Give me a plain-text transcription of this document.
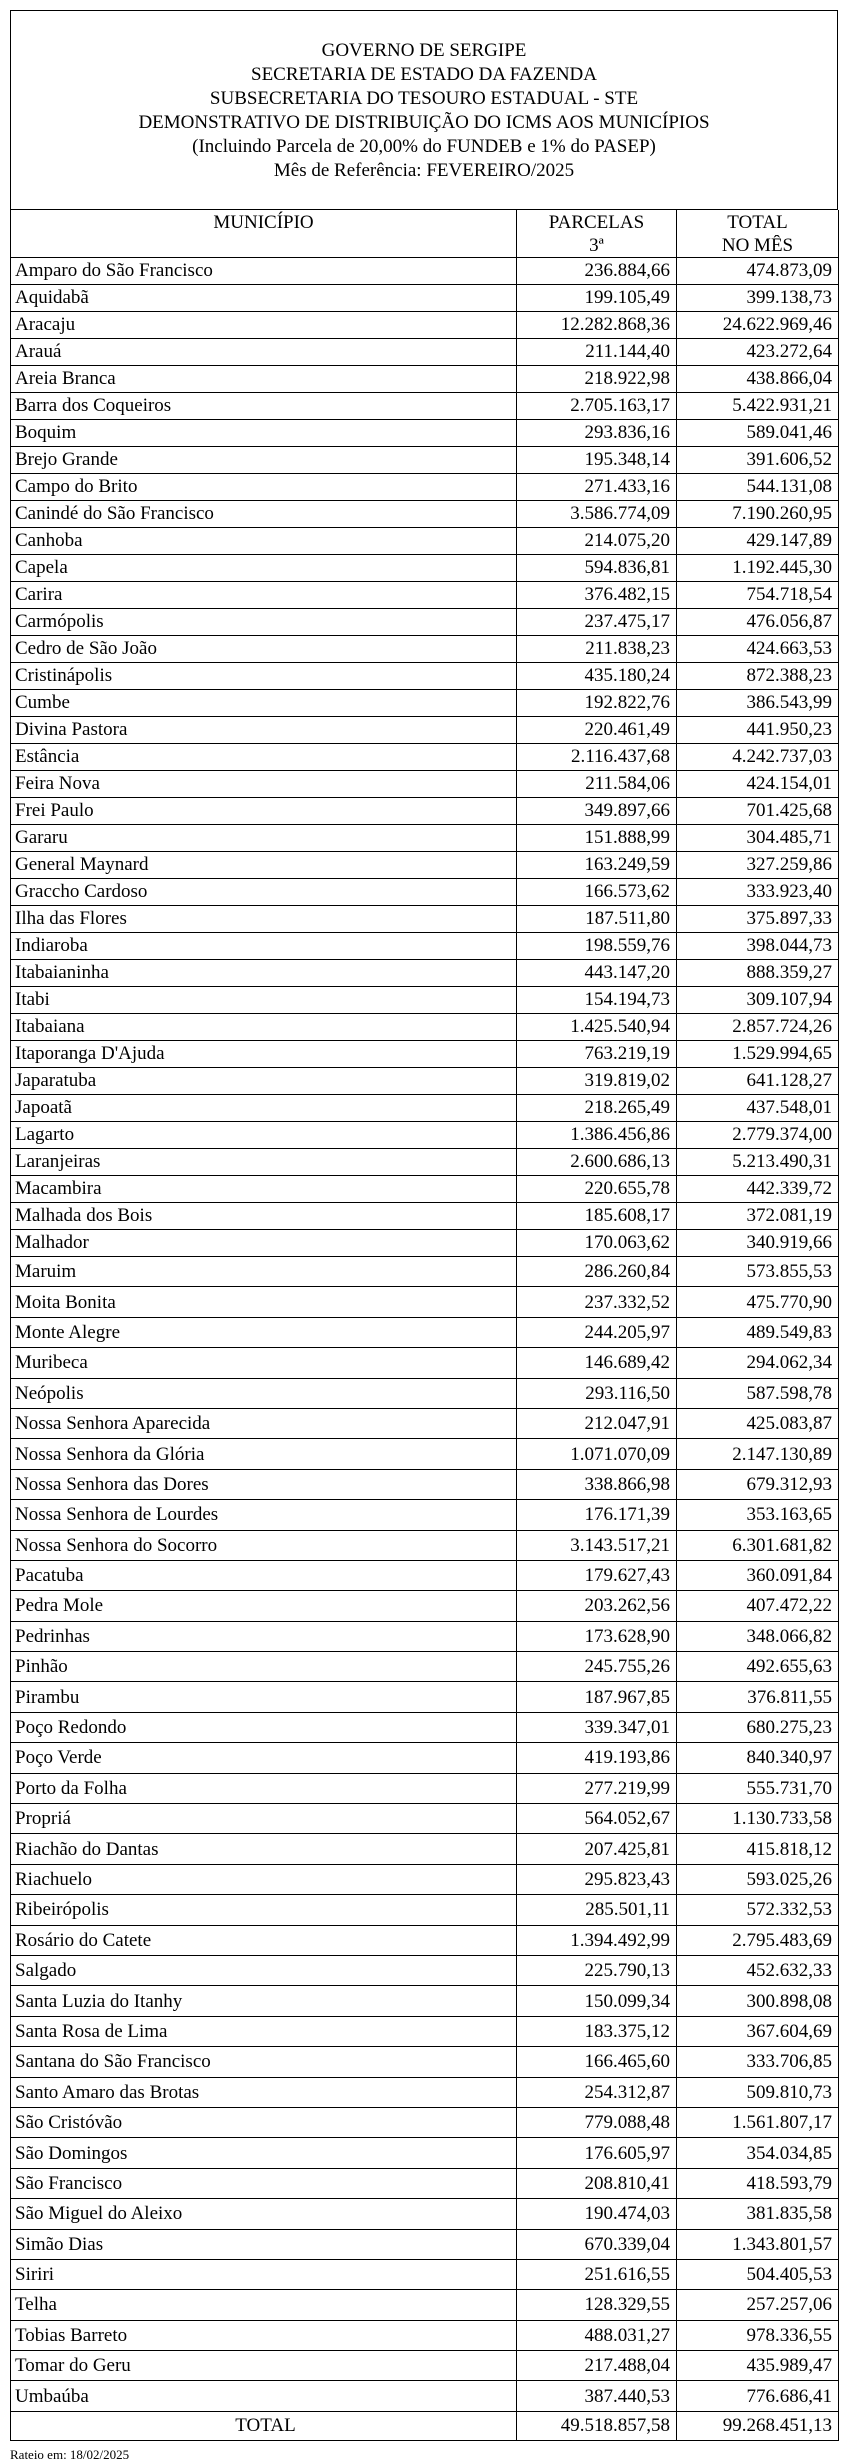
GOVERNO DE SERGIPE
SECRETARIA DE ESTADO DA FAZENDA
SUBSECRETARIA DO TESOURO ESTADUAL - STE
DEMONSTRATIVO DE DISTRIBUIÇÃO DO ICMS AOS MUNICÍPIOS
(Incluindo Parcela de 20,00% do FUNDEB e 1% do PASEP)
Mês de Referência: FEVEREIRO/2025
MUNICÍPIO	PARCELAS	TOTAL
	3ª	NO MÊS
Amparo do São Francisco	236.884,66	474.873,09
Aquidabã	199.105,49	399.138,73
Aracaju	12.282.868,36	24.622.969,46
Arauá	211.144,40	423.272,64
Areia Branca	218.922,98	438.866,04
Barra dos Coqueiros	2.705.163,17	5.422.931,21
Boquim	293.836,16	589.041,46
Brejo Grande	195.348,14	391.606,52
Campo do Brito	271.433,16	544.131,08
Canindé do São Francisco	3.586.774,09	7.190.260,95
Canhoba	214.075,20	429.147,89
Capela	594.836,81	1.192.445,30
Carira	376.482,15	754.718,54
Carmópolis	237.475,17	476.056,87
Cedro de São João	211.838,23	424.663,53
Cristinápolis	435.180,24	872.388,23
Cumbe	192.822,76	386.543,99
Divina Pastora	220.461,49	441.950,23
Estância	2.116.437,68	4.242.737,03
Feira Nova	211.584,06	424.154,01
Frei Paulo	349.897,66	701.425,68
Gararu	151.888,99	304.485,71
General Maynard	163.249,59	327.259,86
Graccho Cardoso	166.573,62	333.923,40
Ilha das Flores	187.511,80	375.897,33
Indiaroba	198.559,76	398.044,73
Itabaianinha	443.147,20	888.359,27
Itabi	154.194,73	309.107,94
Itabaiana	1.425.540,94	2.857.724,26
Itaporanga D'Ajuda	763.219,19	1.529.994,65
Japaratuba	319.819,02	641.128,27
Japoatã	218.265,49	437.548,01
Lagarto	1.386.456,86	2.779.374,00
Laranjeiras	2.600.686,13	5.213.490,31
Macambira	220.655,78	442.339,72
Malhada dos Bois	185.608,17	372.081,19
Malhador	170.063,62	340.919,66
Maruim	286.260,84	573.855,53
Moita Bonita	237.332,52	475.770,90
Monte Alegre	244.205,97	489.549,83
Muribeca	146.689,42	294.062,34
Neópolis	293.116,50	587.598,78
Nossa Senhora Aparecida	212.047,91	425.083,87
Nossa Senhora da Glória	1.071.070,09	2.147.130,89
Nossa Senhora das Dores	338.866,98	679.312,93
Nossa Senhora de Lourdes	176.171,39	353.163,65
Nossa Senhora do Socorro	3.143.517,21	6.301.681,82
Pacatuba	179.627,43	360.091,84
Pedra Mole	203.262,56	407.472,22
Pedrinhas	173.628,90	348.066,82
Pinhão	245.755,26	492.655,63
Pirambu	187.967,85	376.811,55
Poço Redondo	339.347,01	680.275,23
Poço Verde	419.193,86	840.340,97
Porto da Folha	277.219,99	555.731,70
Propriá	564.052,67	1.130.733,58
Riachão do Dantas	207.425,81	415.818,12
Riachuelo	295.823,43	593.025,26
Ribeirópolis	285.501,11	572.332,53
Rosário do Catete	1.394.492,99	2.795.483,69
Salgado	225.790,13	452.632,33
Santa Luzia do Itanhy	150.099,34	300.898,08
Santa Rosa de Lima	183.375,12	367.604,69
Santana do São Francisco	166.465,60	333.706,85
Santo Amaro das Brotas	254.312,87	509.810,73
São Cristóvão	779.088,48	1.561.807,17
São Domingos	176.605,97	354.034,85
São Francisco	208.810,41	418.593,79
São Miguel do Aleixo	190.474,03	381.835,58
Simão Dias	670.339,04	1.343.801,57
Siriri	251.616,55	504.405,53
Telha	128.329,55	257.257,06
Tobias Barreto	488.031,27	978.336,55
Tomar do Geru	217.488,04	435.989,47
Umbaúba	387.440,53	776.686,41
TOTAL	49.518.857,58	99.268.451,13
Rateio em: 18/02/2025
